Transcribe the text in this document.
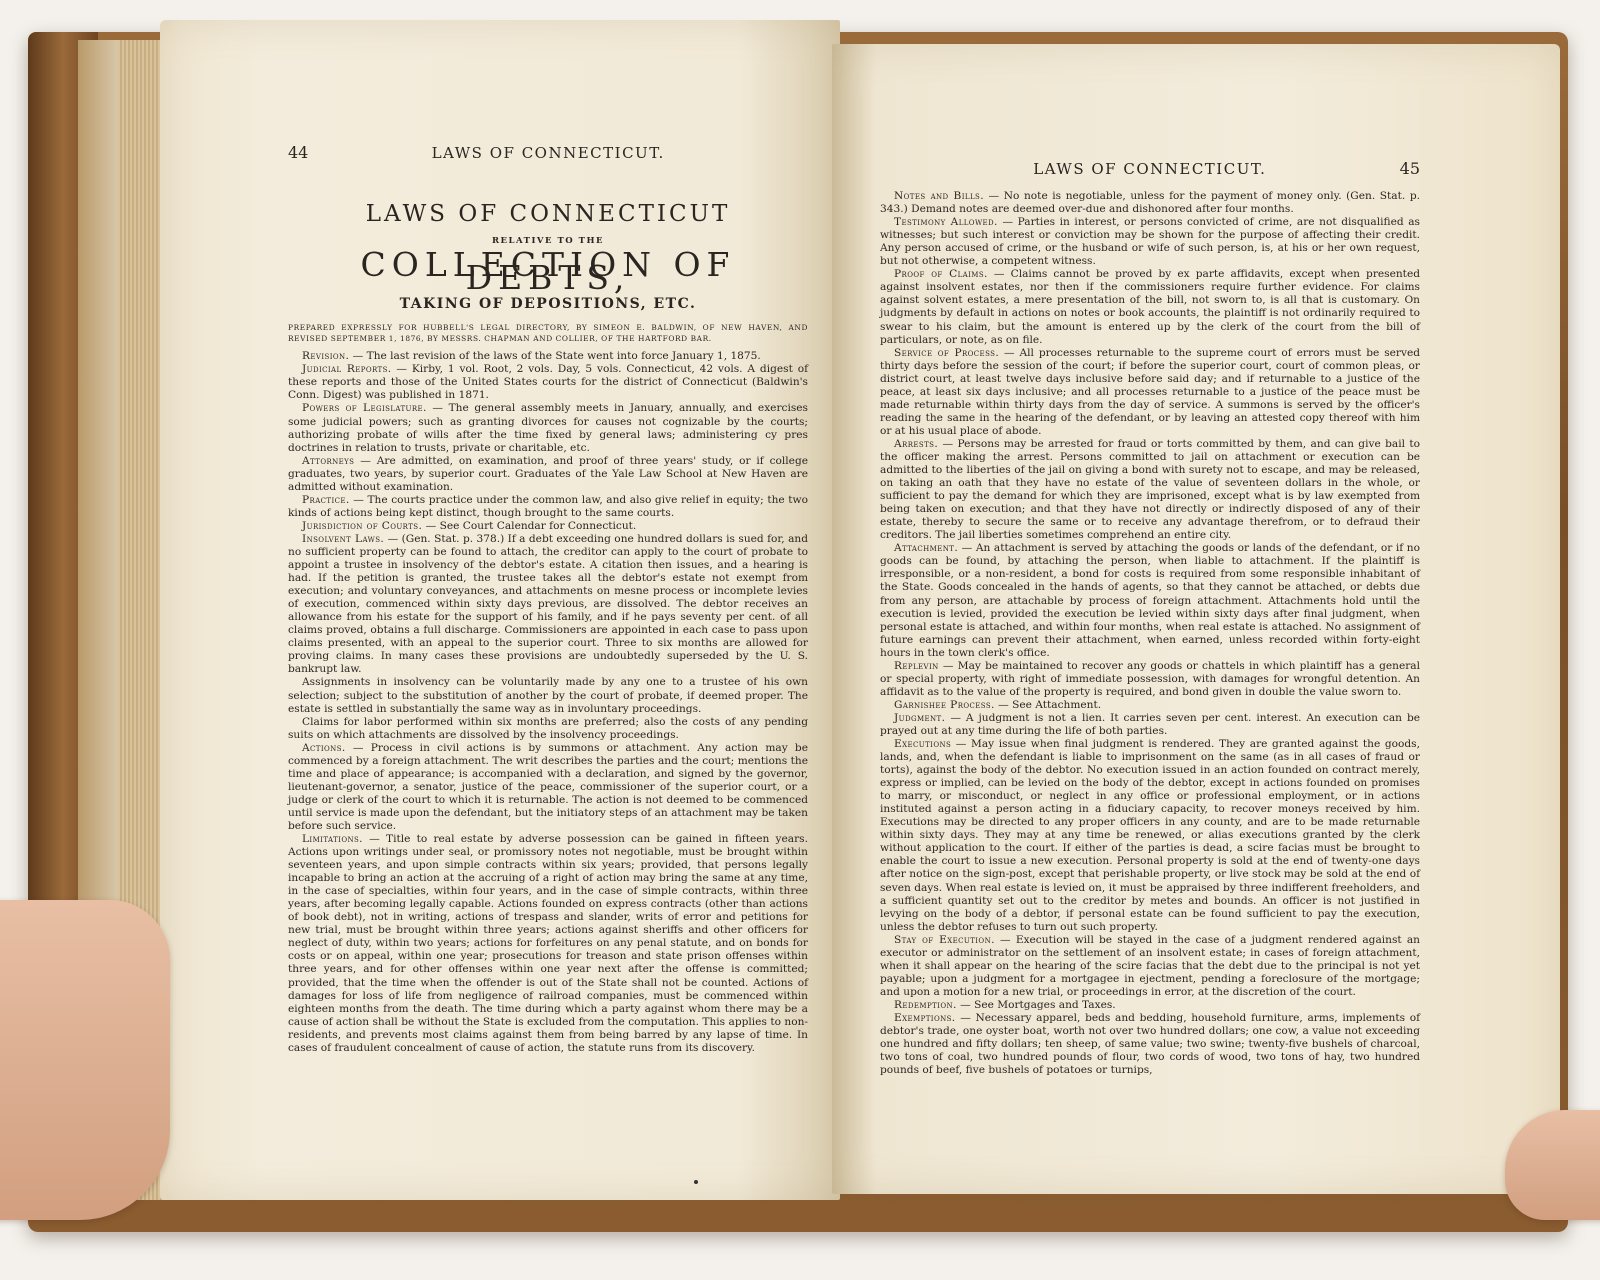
44	LAWS OF CONNECTICUT.
LAWS OF CONNECTICUT
RELATIVE TO THE
COLLECTION OF DEBTS,
TAKING OF DEPOSITIONS, ETC.
PREPARED EXPRESSLY FOR HUBBELL'S LEGAL DIRECTORY, BY SIMEON E. BALDWIN, OF NEW HAVEN, AND REVISED SEPTEMBER 1, 1876, BY MESSRS. CHAPMAN AND COLLIER, OF THE HARTFORD BAR.

Revision. — The last revision of the laws of the State went into force January 1, 1875.

Judicial Reports. — Kirby, 1 vol. Root, 2 vols. Day, 5 vols. Connecticut, 42 vols. A digest of these reports and those of the United States courts for the district of Connecticut (Baldwin's Conn. Digest) was published in 1871.

Powers of Legislature. — The general assembly meets in January, annually, and exercises some judicial powers; such as granting divorces for causes not cognizable by the courts; authorizing probate of wills after the time fixed by general laws; administering cy pres doctrines in relation to trusts, private or charitable, etc.

Attorneys — Are admitted, on examination, and proof of three years' study, or if college graduates, two years, by superior court. Graduates of the Yale Law School at New Haven are admitted without examination.

Practice. — The courts practice under the common law, and also give relief in equity; the two kinds of actions being kept distinct, though brought to the same courts.

Jurisdiction of Courts. — See Court Calendar for Connecticut.

Insolvent Laws. — (Gen. Stat. p. 378.) If a debt exceeding one hundred dollars is sued for, and no sufficient property can be found to attach, the creditor can apply to the court of probate to appoint a trustee in insolvency of the debtor's estate. A citation then issues, and a hearing is had. If the petition is granted, the trustee takes all the debtor's estate not exempt from execution; and voluntary conveyances, and attachments on mesne process or incomplete levies of execution, commenced within sixty days previous, are dissolved. The debtor receives an allowance from his estate for the support of his family, and if he pays seventy per cent. of all claims proved, obtains a full discharge. Commissioners are appointed in each case to pass upon claims presented, with an appeal to the superior court. Three to six months are allowed for proving claims. In many cases these provisions are undoubtedly superseded by the U. S. bankrupt law.

Assignments in insolvency can be voluntarily made by any one to a trustee of his own selection; subject to the substitution of another by the court of probate, if deemed proper. The estate is settled in substantially the same way as in involuntary proceedings.

Claims for labor performed within six months are preferred; also the costs of any pending suits on which attachments are dissolved by the insolvency proceedings.

Actions. — Process in civil actions is by summons or attachment. Any action may be commenced by a foreign attachment. The writ describes the parties and the court; mentions the time and place of appearance; is accompanied with a declaration, and signed by the governor, lieutenant-governor, a senator, justice of the peace, commissioner of the superior court, or a judge or clerk of the court to which it is returnable. The action is not deemed to be commenced until service is made upon the defendant, but the initiatory steps of an attachment may be taken before such service.

Limitations. — Title to real estate by adverse possession can be gained in fifteen years. Actions upon writings under seal, or promissory notes not negotiable, must be brought within seventeen years, and upon simple contracts within six years; provided, that persons legally incapable to bring an action at the accruing of a right of action may bring the same at any time, in the case of specialties, within four years, and in the case of simple contracts, within three years, after becoming legally capable. Actions founded on express contracts (other than actions of book debt), not in writing, actions of trespass and slander, writs of error and petitions for new trial, must be brought within three years; actions against sheriffs and other officers for neglect of duty, within two years; actions for forfeitures on any penal statute, and on bonds for costs or on appeal, within one year; prosecutions for treason and state prison offenses within three years, and for other offenses within one year next after the offense is committed; provided, that the time when the offender is out of the State shall not be counted. Actions of damages for loss of life from negligence of railroad companies, must be commenced within eighteen months from the death. The time during which a party against whom there may be a cause of action shall be without the State is excluded from the computation. This applies to non-residents, and prevents most claims against them from being barred by any lapse of time. In cases of fraudulent concealment of cause of action, the statute runs from its discovery.

LAWS OF CONNECTICUT.	45

Notes and Bills. — No note is negotiable, unless for the payment of money only. (Gen. Stat. p. 343.) Demand notes are deemed over-due and dishonored after four months.

Testimony Allowed. — Parties in interest, or persons convicted of crime, are not disqualified as witnesses; but such interest or conviction may be shown for the purpose of affecting their credit. Any person accused of crime, or the husband or wife of such person, is, at his or her own request, but not otherwise, a competent witness.

Proof of Claims. — Claims cannot be proved by ex parte affidavits, except when presented against insolvent estates, nor then if the commissioners require further evidence. For claims against solvent estates, a mere presentation of the bill, not sworn to, is all that is customary. On judgments by default in actions on notes or book accounts, the plaintiff is not ordinarily required to swear to his claim, but the amount is entered up by the clerk of the court from the bill of particulars, or note, as on file.

Service of Process. — All processes returnable to the supreme court of errors must be served thirty days before the session of the court; if before the superior court, court of common pleas, or district court, at least twelve days inclusive before said day; and if returnable to a justice of the peace, at least six days inclusive; and all processes returnable to a justice of the peace must be made returnable within thirty days from the day of service. A summons is served by the officer's reading the same in the hearing of the defendant, or by leaving an attested copy thereof with him or at his usual place of abode.

Arrests. — Persons may be arrested for fraud or torts committed by them, and can give bail to the officer making the arrest. Persons committed to jail on attachment or execution can be admitted to the liberties of the jail on giving a bond with surety not to escape, and may be released, on taking an oath that they have no estate of the value of seventeen dollars in the whole, or sufficient to pay the demand for which they are imprisoned, except what is by law exempted from being taken on execution; and that they have not directly or indirectly disposed of any of their estate, thereby to secure the same or to receive any advantage therefrom, or to defraud their creditors. The jail liberties sometimes comprehend an entire city.

Attachment. — An attachment is served by attaching the goods or lands of the defendant, or if no goods can be found, by attaching the person, when liable to attachment. If the plaintiff is irresponsible, or a non-resident, a bond for costs is required from some responsible inhabitant of the State. Goods concealed in the hands of agents, so that they cannot be attached, or debts due from any person, are attachable by process of foreign attachment. Attachments hold until the execution is levied, provided the execution be levied within sixty days after final judgment, when personal estate is attached, and within four months, when real estate is attached. No assignment of future earnings can prevent their attachment, when earned, unless recorded within forty-eight hours in the town clerk's office.

Replevin — May be maintained to recover any goods or chattels in which plaintiff has a general or special property, with right of immediate possession, with damages for wrongful detention. An affidavit as to the value of the property is required, and bond given in double the value sworn to.

Garnishee Process. — See Attachment.

Judgment. — A judgment is not a lien. It carries seven per cent. interest. An execution can be prayed out at any time during the life of both parties.

Executions — May issue when final judgment is rendered. They are granted against the goods, lands, and, when the defendant is liable to imprisonment on the same (as in all cases of fraud or torts), against the body of the debtor. No execution issued in an action founded on contract merely, express or implied, can be levied on the body of the debtor, except in actions founded on promises to marry, or misconduct, or neglect in any office or professional employment, or in actions instituted against a person acting in a fiduciary capacity, to recover moneys received by him. Executions may be directed to any proper officers in any county, and are to be made returnable within sixty days. They may at any time be renewed, or alias executions granted by the clerk without application to the court. If either of the parties is dead, a scire facias must be brought to enable the court to issue a new execution. Personal property is sold at the end of twenty-one days after notice on the sign-post, except that perishable property, or live stock may be sold at the end of seven days. When real estate is levied on, it must be appraised by three indifferent freeholders, and a sufficient quantity set out to the creditor by metes and bounds. An officer is not justified in levying on the body of a debtor, if personal estate can be found sufficient to pay the execution, unless the debtor refuses to turn out such property.

Stay of Execution. — Execution will be stayed in the case of a judgment rendered against an executor or administrator on the settlement of an insolvent estate; in cases of foreign attachment, when it shall appear on the hearing of the scire facias that the debt due to the principal is not yet payable; upon a judgment for a mortgagee in ejectment, pending a foreclosure of the mortgage; and upon a motion for a new trial, or proceedings in error, at the discretion of the court.

Redemption. — See Mortgages and Taxes.

Exemptions. — Necessary apparel, beds and bedding, household furniture, arms, implements of debtor's trade, one oyster boat, worth not over two hundred dollars; one cow, a value not exceeding one hundred and fifty dollars; ten sheep, of same value; two swine; twenty-five bushels of charcoal, two tons of coal, two hundred pounds of flour, two cords of wood, two tons of hay, two hundred pounds of beef, five bushels of potatoes or turnips,
